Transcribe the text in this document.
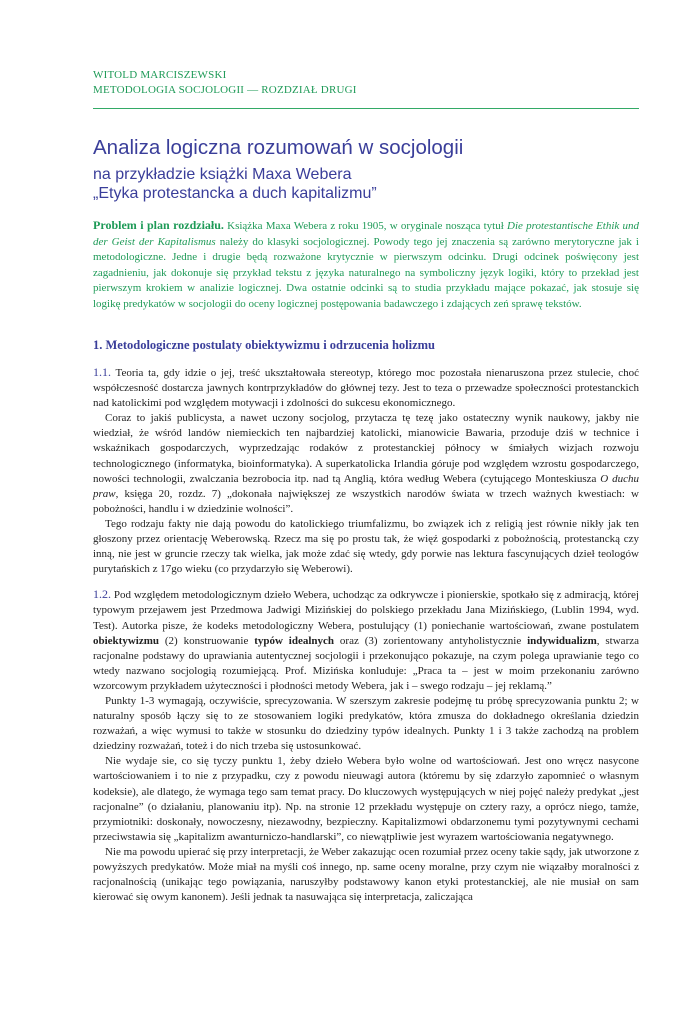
WITOLD MARCISZEWSKI
METODOLOGIA SOCJOLOGII — ROZDZIAŁ DRUGI
Analiza logiczna rozumowań w socjologii
na przykładzie książki Maxa Webera
„Etyka protestancka a duch kapitalizmu”

Problem i plan rozdziału. Książka Maxa Webera z roku 1905, w oryginale nosząca tytuł Die protestantische Ethik und der Geist der Kapitalismus należy do klasyki socjologicznej. Powody tego jej znaczenia są zarówno merytoryczne jak i metodologiczne. Jedne i drugie będą rozważone krytycznie w pierwszym odcinku. Drugi odcinek poświęcony jest zagadnieniu, jak dokonuje się przykład tekstu z języka naturalnego na symboliczny język logiki, który to przekład jest pierwszym krokiem w analizie logicznej. Dwa ostatnie odcinki są to studia przykładu mające pokazać, jak stosuje się logikę predykatów w socjologii do oceny logicznej postępowania badawczego i zdających zeń sprawę tekstów.

1. Metodologiczne postulaty obiektywizmu i odrzucenia holizmu

1.1. Teoria ta, gdy idzie o jej, treść ukształtowała stereotyp, którego moc pozostała nienaruszona przez stulecie, choć współczesność dostarcza jawnych kontrprzykładów do głównej tezy. Jest to teza o przewadze społeczności protestanckich nad katolickimi pod względem motywacji i zdolności do sukcesu ekonomicznego.

Coraz to jakiś publicysta, a nawet uczony socjolog, przytacza tę tezę jako ostateczny wynik naukowy, jakby nie wiedział, że wśród landów niemieckich ten najbardziej katolicki, mianowicie Bawaria, przoduje dziś w technice i wskaźnikach gospodarczych, wyprzedzając rodaków z protestanckiej północy w śmiałych wizjach rozwoju technologicznego (informatyka, bioinformatyka). A superkatolicka Irlandia góruje pod względem wzrostu gospodarczego, nowości technologii, zwalczania bezrobocia itp. nad tą Anglią, która według Webera (cytującego Monteskiusza O duchu praw, księga 20, rozdz. 7) „dokonała największej ze wszystkich narodów świata w trzech ważnych kwestiach: w pobożności, handlu i w dziedzinie wolności”.

Tego rodzaju fakty nie dają powodu do katolickiego triumfalizmu, bo związek ich z religią jest równie nikły jak ten głoszony przez orientację Weberowską. Rzecz ma się po prostu tak, że więź gospodarki z pobożnością, protestancką czy inną, nie jest w gruncie rzeczy tak wielka, jak może zdać się wtedy, gdy porwie nas lektura fascynujących dzieł teologów purytańskich z 17go wieku (co przydarzyło się Weberowi).

1.2. Pod względem metodologicznym dzieło Webera, uchodząc za odkrywcze i pionierskie, spotkało się z admiracją, której typowym przejawem jest Przedmowa Jadwigi Mizińskiej do polskiego przekładu Jana Mizińskiego, (Lublin 1994, wyd. Test). Autorka pisze, że kodeks metodologiczny Webera, postulujący (1) poniechanie wartościowań, zwane postulatem obiektywizmu (2) konstruowanie typów idealnych oraz (3) zorientowany antyholistycznie indywidualizm, stwarza racjonalne podstawy do uprawiania autentycznej socjologii i przekonująco pokazuje, na czym polega uprawianie tego co wtedy nazwano socjologią rozumiejącą. Prof. Mizińska konluduje: „Praca ta – jest w moim przekonaniu zarówno wzorcowym przykładem użyteczności i płodności metody Webera, jak i – swego rodzaju – jej reklamą.”

Punkty 1-3 wymagają, oczywiście, sprecyzowania. W szerszym zakresie podejmę tu próbę sprecyzowania punktu 2; w naturalny sposób łączy się to ze stosowaniem logiki predykatów, która zmusza do dokładnego określania dziedzin rozważań, a więc wymusi to także w stosunku do dziedziny typów idealnych. Punkty 1 i 3 także zachodzą na problem dziedziny rozważań, toteż i do nich trzeba się ustosunkować.

Nie wydaje sie, co się tyczy punktu 1, żeby dzieło Webera było wolne od wartościowań. Jest ono wręcz nasycone wartościowaniem i to nie z przypadku, czy z powodu nieuwagi autora (któremu by się zdarzyło zapomnieć o własnym kodeksie), ale dlatego, że wymaga tego sam temat pracy. Do kluczowych występujących w niej pojęć należy predykat „jest racjonalne” (o działaniu, planowaniu itp). Np. na stronie 12 przekładu występuje on cztery razy, a oprócz niego, tamże, przymiotniki: doskonały, nowoczesny, niezawodny, bezpieczny. Kapitalizmowi obdarzonemu tymi pozytywnymi cechami przeciwstawia się „kapitalizm awanturniczo-handlarski”, co niewątpliwie jest wyrazem wartościowania negatywnego.

Nie ma powodu upierać się przy interpretacji, że Weber zakazując ocen rozumiał przez oceny takie sądy, jak utworzone z powyższych predykatów. Może miał na myśli coś innego, np. same oceny moralne, przy czym nie wiązałby moralności z racjonalnością (unikając tego powiązania, naruszyłby podstawowy kanon etyki protestanckiej, ale nie musiał on sam kierować się owym kanonem). Jeśli jednak ta nasuwająca się interpretacja, zaliczająca
